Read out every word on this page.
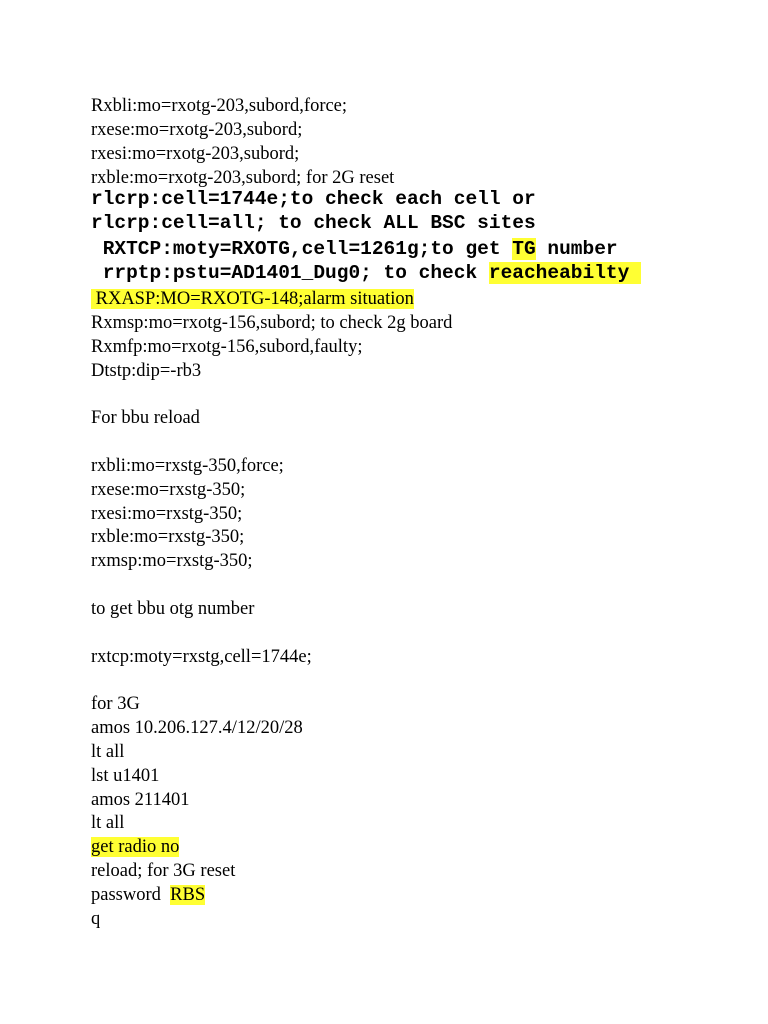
Rxbli:mo=rxotg-203,subord,force;
rxese:mo=rxotg-203,subord;
rxesi:mo=rxotg-203,subord;
rxble:mo=rxotg-203,subord; for 2G reset
rlcrp:cell=1744e;to check each cell or
rlcrp:cell=all; to check ALL BSC sites
RXTCP:moty=RXOTG,cell=1261g;to get TG number
rrptp:pstu=AD1401_Dug0; to check reacheabilty
RXASP:MO=RXOTG-148;alarm situation
Rxmsp:mo=rxotg-156,subord; to check 2g board
Rxmfp:mo=rxotg-156,subord,faulty;
Dtstp:dip=-rb3
For bbu reload
rxbli:mo=rxstg-350,force;
rxese:mo=rxstg-350;
rxesi:mo=rxstg-350;
rxble:mo=rxstg-350;
rxmsp:mo=rxstg-350;
to get bbu otg number
rxtcp:moty=rxstg,cell=1744e;
for 3G
amos 10.206.127.4/12/20/28
lt all
lst u1401
amos 211401
lt all
get radio no
reload; for 3G reset
password  RBS
q
